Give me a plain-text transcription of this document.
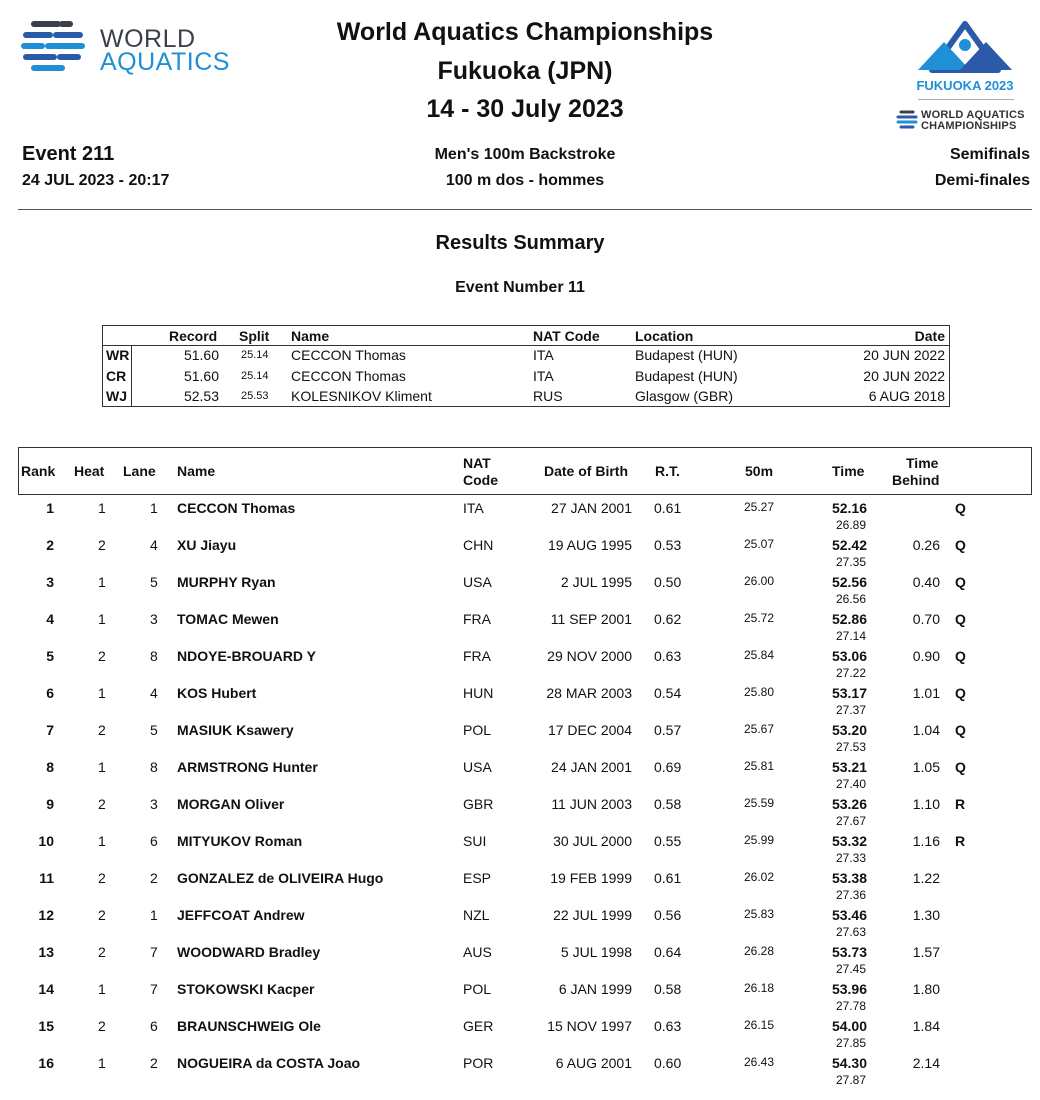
WORLD
AQUATICS
FUKUOKA 2023
WORLD AQUATICS
CHAMPIONSHIPS
World Aquatics Championships
Fukuoka (JPN)
14 - 30 July 2023
Event 211
24 JUL 2023 - 20:17
Men's 100m Backstroke
100 m dos - hommes
Semifinals
Demi-finales
Results Summary
Event Number 11
Record Split Name	NAT Code	Location	Date
WR	51.60 25.14 CECCON Thomas	ITA	Budapest (HUN)	20 JUN 2022
CR	51.60 25.14 CECCON Thomas	ITA	Budapest (HUN)	20 JUN 2022
WJ	52.53 25.53 KOLESNIKOV Kliment	RUS	Glasgow (GBR)	6 AUG 2018
Rank Heat Lane Name	NAT
Code
Date of Birth R.T.	50m	Time	Time
Behind
1	1	1 CECCON Thomas	ITA	27 JAN 2001 0.61	25.27	52.16
26.89
Q
2	2	4 XU Jiayu	CHN	19 AUG 1995 0.53	25.07	52.42
27.35
0.26 Q
3	1	5 MURPHY Ryan	USA	2 JUL 1995 0.50	26.00	52.56
26.56
0.40 Q
4	1	3 TOMAC Mewen	FRA	11 SEP 2001 0.62	25.72	52.86
27.14
0.70 Q
5	2	8 NDOYE-BROUARD Y	FRA	29 NOV 2000 0.63	25.84	53.06
27.22
0.90 Q
6	1	4 KOS Hubert	HUN	28 MAR 2003 0.54	25.80	53.17
27.37
1.01 Q
7	2	5 MASIUK Ksawery	POL	17 DEC 2004 0.57	25.67	53.20
27.53
1.04 Q
8	1	8 ARMSTRONG Hunter	USA	24 JAN 2001 0.69	25.81	53.21
27.40
1.05 Q
9	2	3 MORGAN Oliver	GBR	11 JUN 2003 0.58	25.59	53.26
27.67
1.10 R
10	1	6 MITYUKOV Roman	SUI	30 JUL 2000 0.55	25.99	53.32
27.33
1.16 R
11	2	2 GONZALEZ de OLIVEIRA Hugo	ESP	19 FEB 1999 0.61	26.02	53.38
27.36
1.22
12	2	1 JEFFCOAT Andrew	NZL	22 JUL 1999 0.56	25.83	53.46
27.63
1.30
13	2	7 WOODWARD Bradley	AUS	5 JUL 1998 0.64	26.28	53.73
27.45
1.57
14	1	7 STOKOWSKI Kacper	POL	6 JAN 1999 0.58	26.18	53.96
27.78
1.80
15	2	6 BRAUNSCHWEIG Ole	GER	15 NOV 1997 0.63	26.15	54.00
27.85
1.84
16	1	2 NOGUEIRA da COSTA Joao	POR	6 AUG 2001 0.60	26.43	54.30
27.87
2.14
